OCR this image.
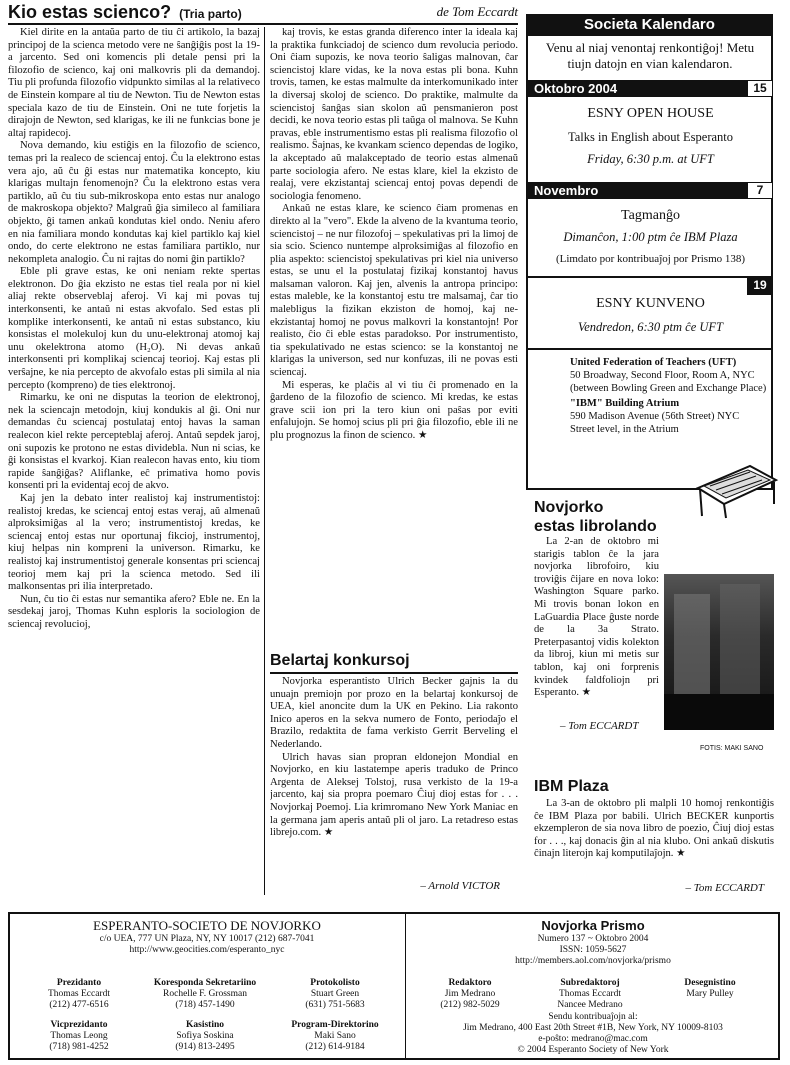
Kio estas scienco? (Tria parto)	de Tom Eccardt

Kiel dirite en la antaŭa parto de tiu ĉi artikolo, la bazaj principoj de la scienca metodo vere ne ŝanĝiĝis post la 19-a jarcento. Sed oni komencis pli detale pensi pri la filozofio de scienco, kaj oni malkovris pli da demandoj. Tiu pli profunda filozofio vidpunkto similas al la relativeco de Einstein kompare al tiu de Newton. Tiu de Newton estas speciala kazo de tiu de Einstein. Oni ne tute forjetis la dirajojn de Newton, sed klarigas, ke ili ne funkcias bone je altaj rapidecoj.

Nova demando, kiu estiĝis en la filozofio de scienco, temas pri la realeco de sciencaj entoj. Ĉu la elektrono estas vera ajo, aŭ ĉu ĝi estas nur matematika koncepto, kiu klarigas multajn fenomenojn? Ĉu la elektrono estas vera partiklo, aŭ ĉu tiu sub-mikroskopa ento estas nur analogo de makroskopa objekto? Malgraŭ ĝia simileco al familiara objekto, ĝi tamen ankaŭ kondutas kiel ondo. Neniu afero en nia familiara mondo kondutas kaj kiel partiklo kaj kiel ondo, do certe elektrono ne estas familiara partiklo, nur nekompleta analogio. Ĉu ni rajtas do nomi ĝin partiklo?

Eble pli grave estas, ke oni neniam rekte spertas elektronon. Do ĝia ekzisto ne estas tiel reala por ni kiel aliaj rekte observeblaj aferoj. Vi kaj mi povas tuj interkonsenti, ke antaŭ ni estas akvofalo. Sed estas pli komplike interkonsenti, ke antaŭ ni estas substanco, kiu konsistas el molekuloj kun du unu-elektronaj atomoj kaj unu okelektrona atomo (H₂O). Ni devas ankaŭ interkonsenti pri komplikaj sciencaj teorioj. Kaj estas pli verŝajne, ke nia percepto de akvofalo estas pli simila al nia percepto (kompreno) de ties elektronoj.

Rimarku, ke oni ne disputas la teorion de elektronoj, nek la sciencajn metodojn, kiuj kondukis al ĝi. Oni nur demandas ĉu sciencaj postulataj entoj havas la saman realecon kiel rekte percepteblaj aferoj. Antaŭ sepdek jaroj, oni supozis ke protono ne estas dividebla. Nun ni scias, ke ĝi konsistas el kvarkoj. Kian realecon havas ento, kiu tiom rapide ŝanĝiĝas? Aliflanke, eĉ primativa homo povis konsenti pri la evidentaj ecoj de akvo.

Kaj jen la debato inter realistoj kaj instrumentistoj: realistoj kredas, ke sciencaj entoj estas veraj, aŭ almenaŭ alproksimiĝas al la vero; instrumentistoj kredas, ke sciencaj entoj estas nur oportunaj fikcioj, instrumentoj, kiuj helpas nin kompreni la universon. Rimarku, ke realistoj kaj instrumentistoj generale konsentas pri sciencaj teorioj mem kaj pri la scienca metodo. Sed ili malkonsentas pri ilia interpretado.

Nun, ĉu tio ĉi estas nur semantika afero? Eble ne. En la sesdekaj jaroj, Thomas Kuhn esploris la sociologion de sciencaj revolucioj,

kaj trovis, ke estas granda diferenco inter la ideala kaj la praktika funkciadoj de scienco dum revolucia periodo. Oni ĉiam supozis, ke nova teorio ŝaligas malnovan, ĉar sciencistoj klare vidas, ke la nova estas pli bona. Kuhn trovis, tamen, ke estas malmulte da interkomunikado inter la diversaj skoloj de scienco. Do praktike, malmulte da sciencistoj ŝanĝas sian skolon aŭ pensmanieron post decidi, ke nova teorio estas pli taŭga ol malnova. Se Kuhn pravas, eble instrumentismo estas pli realisma filozofio ol realismo. Ŝajnas, ke kvankam scienco dependas de logiko, la akceptado aŭ malakceptado de teorio estas almenaŭ parte sociologia afero. Ne estas klare, kiel la ekzisto de realaj, vere ekzistantaj sciencaj entoj povas dependi de sociologia fenomeno.

Ankaŭ ne estas klare, ke scienco ĉiam promenas en direkto al la "vero". Ekde la alveno de la kvantuma teorio, sciencistoj – ne nur filozofoj – spekulativas pri la limoj de sia scio. Scienco nuntempe alproksimiĝas al filozofio en plia aspekto: sciencistoj spekulativas pri kiel nia universo estas, se unu el la postulataj fizikaj konstantoj havus malsaman valoron. Kaj jen, alvenis la antropa principo: estas maleble, ke la konstantoj estu tre malsamaj, ĉar tio malebligus la fizikan ekziston de homoj, kaj ne-ekzistantaj homoj ne povus malkovri la konstantojn! Por realisto, ĉio ĉi eble estas paradokso. Por instrumentisto, tia spekulativado ne estas scienco: se la konstantoj ne klarigas la universon, sed nur konfuzas, ili ne povas esti sciencaj.

Mi esperas, ke plaĉis al vi tiu ĉi promenado en la ĝardeno de la filozofio de scienco. Mi kredas, ke estas grave scii ion pri la tero kiun oni paŝas por eviti enfalujojn. Se homoj scius pli pri ĝia filozofio, eble ili ne plu prognozus la finon de scienco. ★

Belartaj konkursoj

Novjorka esperantisto Ulrich Becker gajnis la du unuajn premiojn por prozo en la belartaj konkursoj de UEA, kiel anoncite dum la UK en Pekino. Lia rakonto Inico aperos en la sekva numero de Fonto, periodaĵo el Brazilo, redaktita de fama verkisto Gerrit Berveling el Nederlando.

Ulrich havas sian propran eldonejon Mondial en Novjorko, en kiu lastatempe aperis traduko de Princo Argenta de Aleksej Tolstoj, rusa verkisto de la 19-a jarcento, kaj sia propra poemaro Ĉiuj dioj estas for . . . Novjorkaj Poemoj. Lia krimromano New York Maniac en la germana jam aperis antaŭ pli ol jaro. La retadreso estas librejo.com. ★

– Arnold VICTOR
Societa Kalendaro
Venu al niaj venontaj renkontiĝoj! Metu tiujn datojn en vian kalendaron.
Oktobro 2004	15
ESNY OPEN HOUSE
Talks in English about Esperanto
Friday, 6:30 p.m. at UFT
Novembro	7
Tagmanĝo
Dimanĉon, 1:00 ptm ĉe IBM Plaza
(Limdato por kontribuaĵoj por Prismo 138)
19
ESNY KUNVENO
Vendredon, 6:30 ptm ĉe UFT
United Federation of Teachers (UFT)
50 Broadway, Second Floor, Room A, NYC
(between Bowling Green and Exchange Place)
"IBM" Building Atrium
590 Madison Avenue (56th Street) NYC
Street level, in the Atrium
Novjorko
estas librolando

La 2-an de oktobro mi starigis tablon ĉe la jara novjorka librofoiro, kiu troviĝis ĉijare en nova loko: Washington Square parko. Mi trovis bonan lokon en LaGuardia Place ĝuste norde de la 3a Strato. Preterpasantoj vidis kolekton da libroj, kiun mi metis sur tablon, kaj oni forprenis kvindek faldfoliojn pri Esperanto. ★

– Tom ECCARDT
FOTIS: MAKI SANO
IBM Plaza

La 3-an de oktobro pli malpli 10 homoj renkontiĝis ĉe IBM Plaza por babili. Ulrich BECKER kunportis ekzempleron de sia nova libro de poezio, Ĉiuj dioj estas for . . ., kaj donacis ĝin al nia klubo. Oni ankaŭ diskutis ĉinajn literojn kaj komputilaĵojn. ★

– Tom ECCARDT
ESPERANTO-SOCIETO DE NOVJORKO
c/o UEA, 777 UN Plaza, NY, NY 10017 (212) 687-7041
http://www.geocities.com/esperanto_nyc
Prezidanto
Thomas Eccardt
(212) 477-6516
Korespondа Sekretariino
Rochelle F. Grossman
(718) 457-1490
Protokolisto
Stuart Green
(631) 751-5683
Vicprezidanto
Thomas Leong
(718) 981-4252
Kasistino
Sofiya Soskina
(914) 813-2495
Program-Direktorino
Maki Sano
(212) 614-9184
Novjorka Prismo
Numero 137 ~ Oktobro 2004
ISSN: 1059-5627
http://members.aol.com/novjorka/prismo
Redaktoro
Jim Medrano
(212) 982-5029
Subredaktoroj
Thomas Eccardt
Nancee Medrano
Desegnistino
Mary Pulley
Sendu kontribuaĵojn al:
Jim Medrano, 400 East 20th Street #1B, New York, NY 10009-8103
e-poŝto: medrano@mac.com
© 2004 Esperanto Society of New York
